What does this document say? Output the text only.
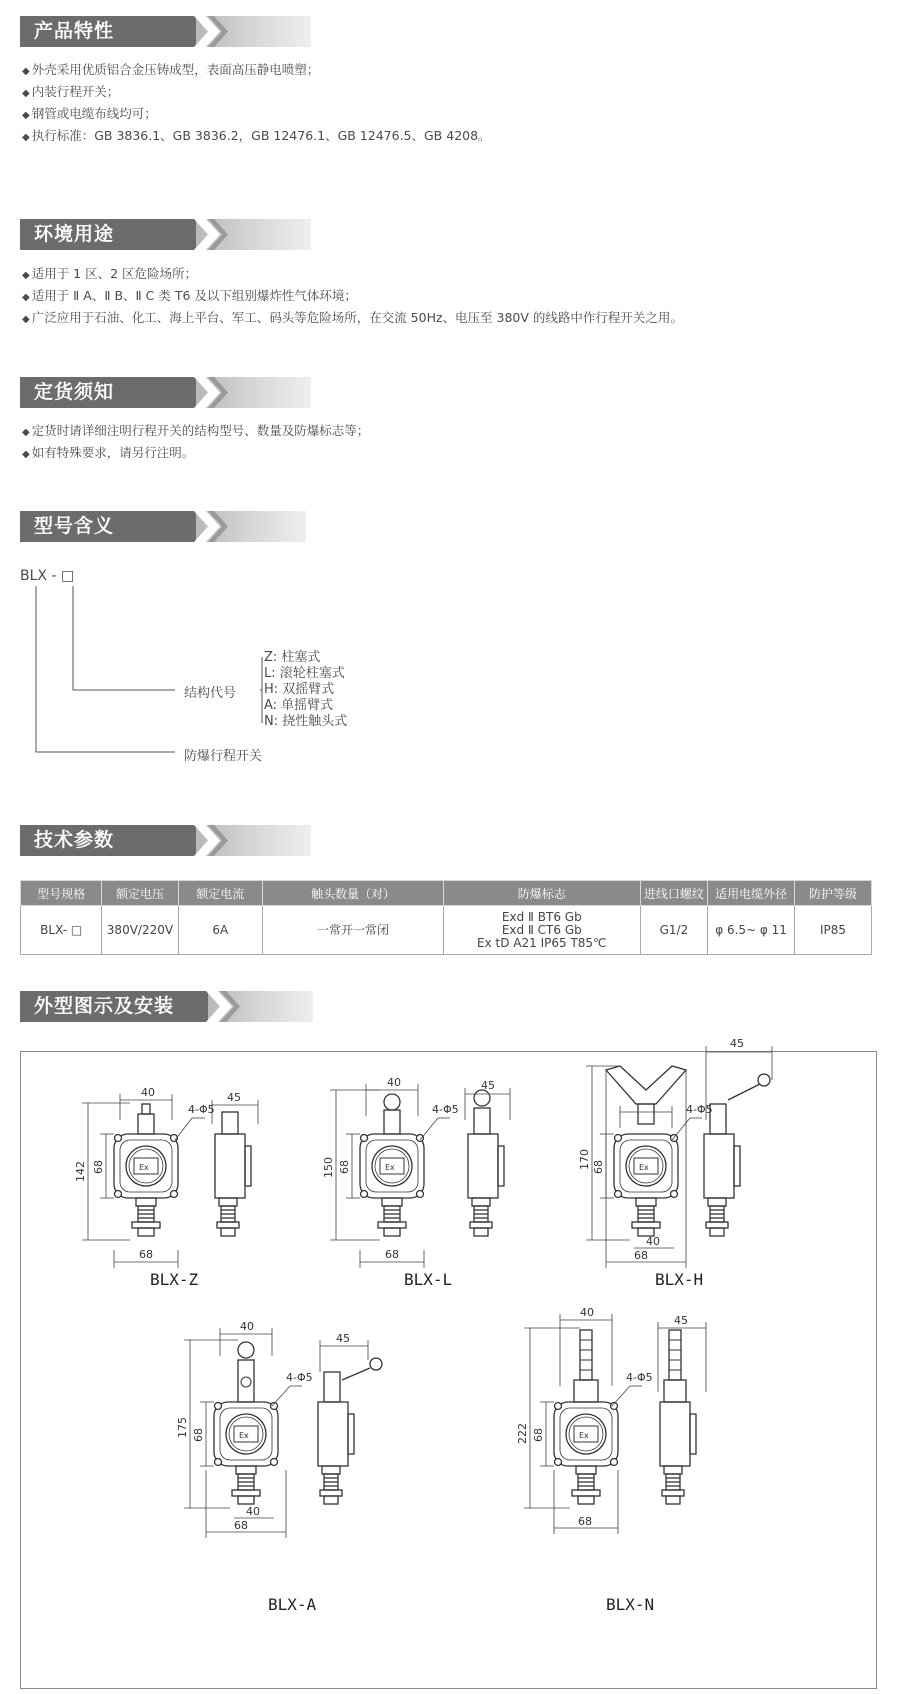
产品特性
◆ 外壳采用优质铝合金压铸成型，表面高压静电喷塑；
◆ 内装行程开关；
◆ 钢管或电缆布线均可；
◆ 执行标准：GB 3836.1、GB 3836.2，GB 12476.1、GB 12476.5、GB 4208。
环境用途
◆ 适用于 1 区、2 区危险场所；
◆ 适用于 Ⅱ A、Ⅱ B、Ⅱ C 类 T6 及以下组别爆炸性气体环境；
◆ 广泛应用于石油、化工、海上平台、军工、码头等危险场所，在交流 50Hz、电压至 380V 的线路中作行程开关之用。
定货须知
◆ 定货时请详细注明行程开关的结构型号、数量及防爆标志等；
◆ 如有特殊要求，请另行注明。
型号含义
BLX - □
结构代号
Z: 柱塞式
L: 滚轮柱塞式
H: 双摇臂式
A: 单摇臂式
N: 挠性触头式
防爆行程开关
技术参数
型号规格	额定电压	额定电流	触头数量（对）	防爆标志	进线口螺纹	适用电缆外径	防护等级
BLX- □	380V/220V	6A	一常开一常闭	Exd Ⅱ BT6 Gb
Exd Ⅱ CT6 Gb
Ex tD A21 IP65 T85℃	G1/2	φ 6.5~ φ 11	IP85
外型图示及安装
40	45
142 68
68
4-Φ5
Ex
40	45
150 68
68
4-Φ5
Ex
45
170 68
40
68
4-Φ5
Ex
40
45
175 68
40
68
4-Φ5
Ex
40
45
222 68
68
4-Φ5
Ex
BLX-Z	BLX-L	BLX-H
BLX-A	BLX-N
